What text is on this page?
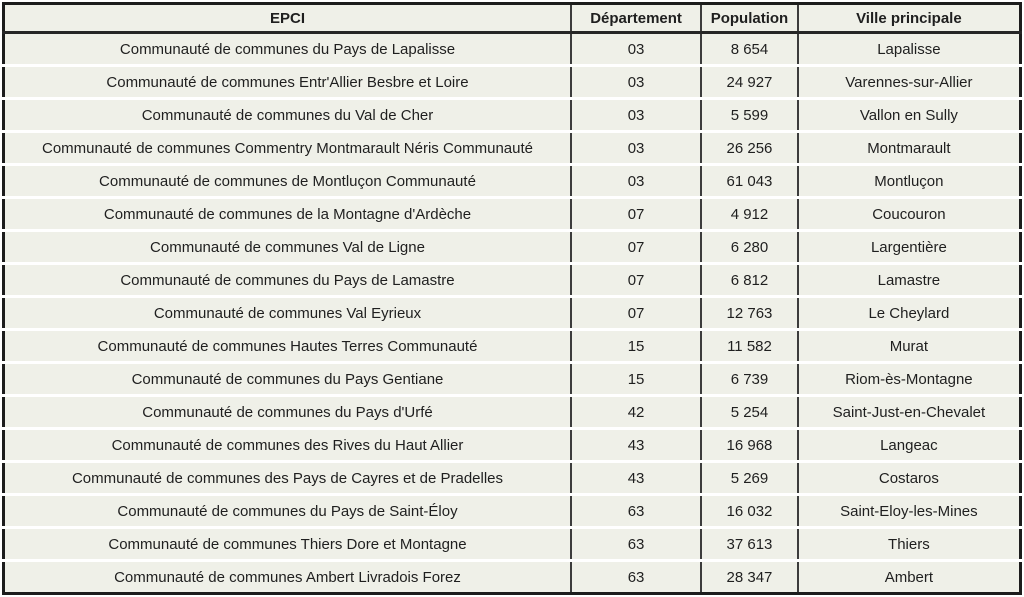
EPCI	Département	Population	Ville principale
Communauté de communes du Pays de Lapalisse	03	8 654	Lapalisse
Communauté de communes Entr'Allier Besbre et Loire	03	24 927	Varennes-sur-Allier
Communauté de communes du Val de Cher	03	5 599	Vallon en Sully
Communauté de communes Commentry Montmarault Néris Communauté	03	26 256	Montmarault
Communauté de communes de Montluçon Communauté	03	61 043	Montluçon
Communauté de communes de la Montagne d'Ardèche	07	4 912	Coucouron
Communauté de communes Val de Ligne	07	6 280	Largentière
Communauté de communes du Pays de Lamastre	07	6 812	Lamastre
Communauté de communes Val Eyrieux	07	12 763	Le Cheylard
Communauté de communes Hautes Terres Communauté	15	11 582	Murat
Communauté de communes du Pays Gentiane	15	6 739	Riom-ès-Montagne
Communauté de communes du Pays d'Urfé	42	5 254	Saint-Just-en-Chevalet
Communauté de communes des Rives du Haut Allier	43	16 968	Langeac
Communauté de communes des Pays de Cayres et de Pradelles	43	5 269	Costaros
Communauté de communes du Pays de Saint-Éloy	63	16 032	Saint-Eloy-les-Mines
Communauté de communes Thiers Dore et Montagne	63	37 613	Thiers
Communauté de communes Ambert Livradois Forez	63	28 347	Ambert
